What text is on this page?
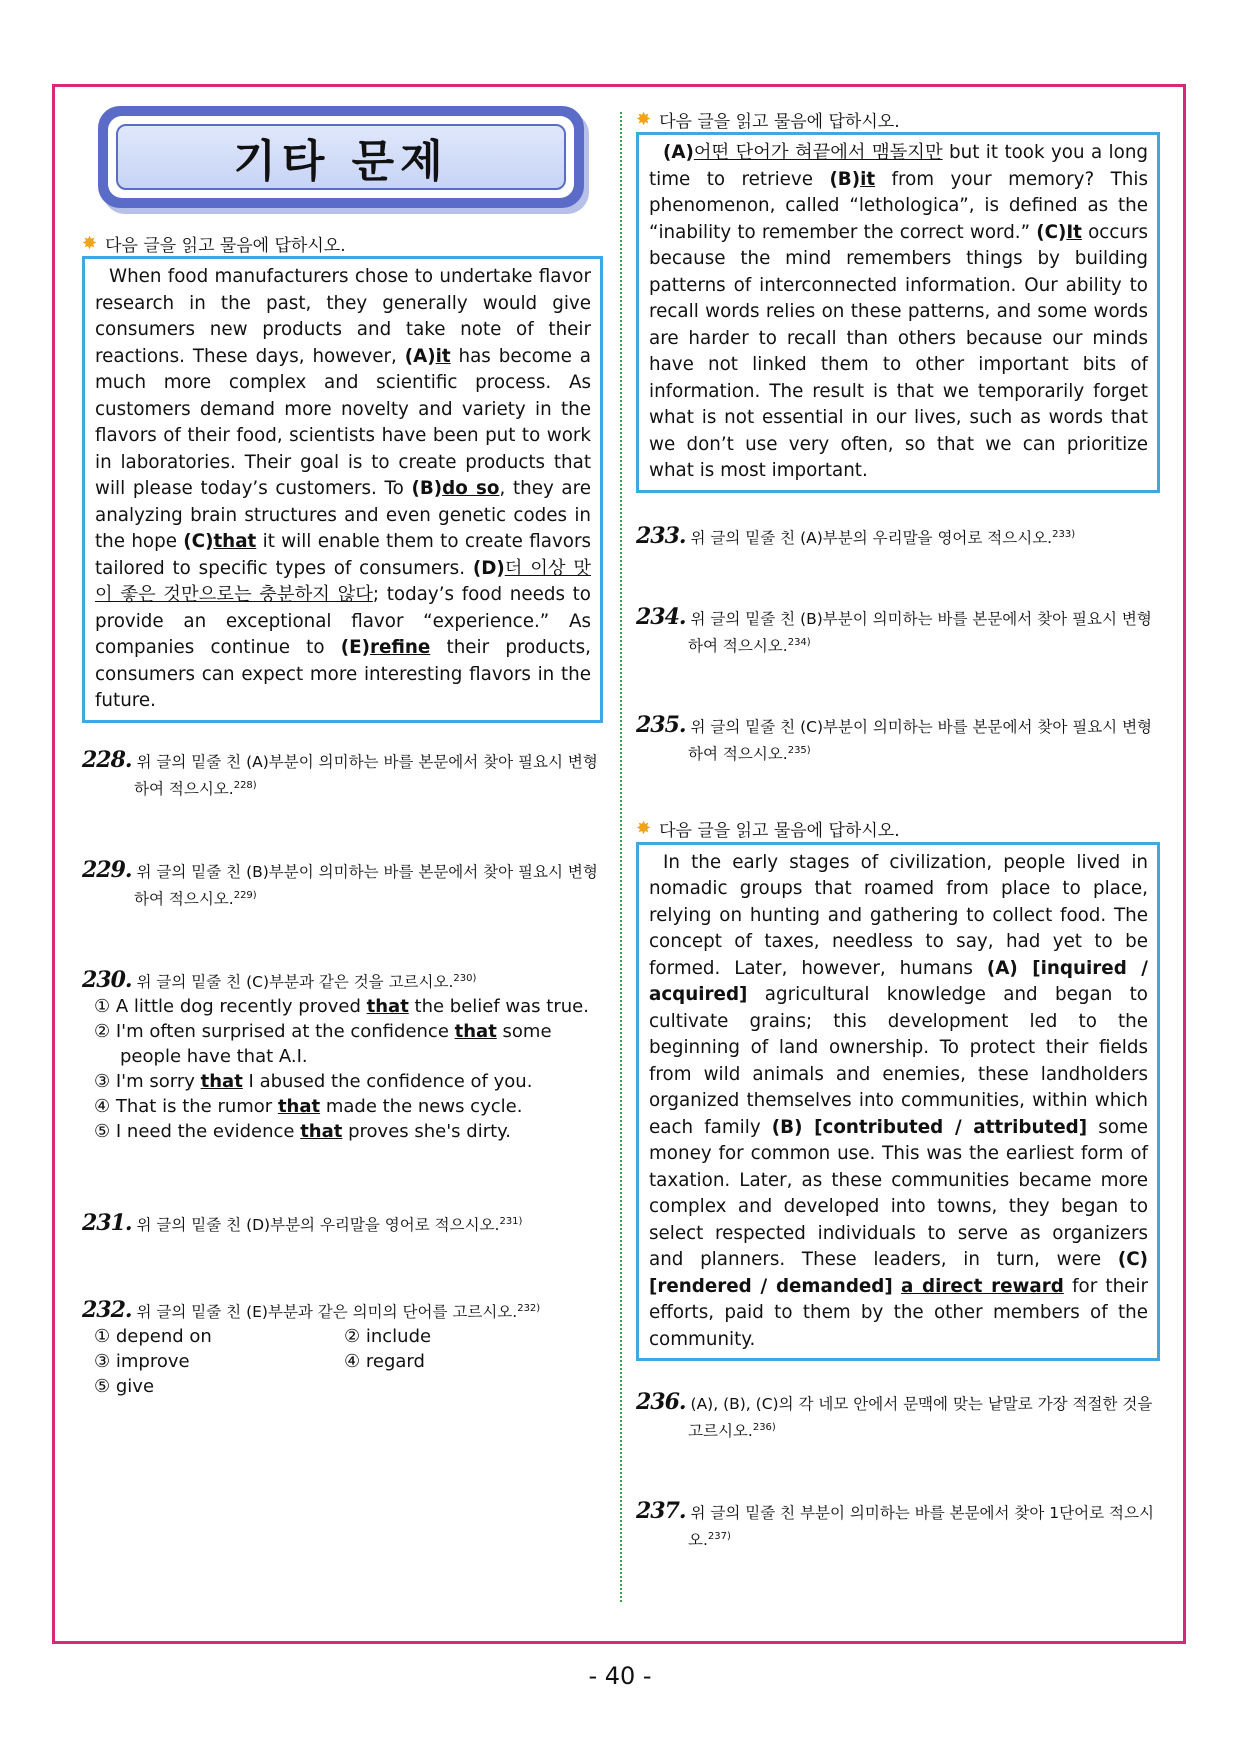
기타 문제
✸ 다음 글을 읽고 물음에 답하시오.
When food manufacturers chose to undertake flavor research in the past, they generally would give consumers new products and take note of their reactions. These days, however, (A)it has become a much more complex and scientific process. As customers demand more novelty and variety in the flavors of their food, scientists have been put to work in laboratories. Their goal is to create products that will please today’s customers. To (B)do so, they are analyzing brain structures and even genetic codes in the hope (C)that it will enable them to create flavors tailored to specific types of consumers. (D)더 이상 맛이 좋은 것만으로는 충분하지 않다; today’s food needs to provide an exceptional flavor “experience.” As companies continue to (E)refine their products, consumers can expect more interesting flavors in the future.

228. 위 글의 밑줄 친 (A)부분이 의미하는 바를 본문에서 찾아 필요시 변형하여 적으시오.$^{228)}$

229. 위 글의 밑줄 친 (B)부분이 의미하는 바를 본문에서 찾아 필요시 변형하여 적으시오.$^{229)}$

230. 위 글의 밑줄 친 (C)부분과 같은 것을 고르시오.$^{230)}$

① A little dog recently proved that the belief was true.

② I'm often surprised at the confidence that some people have that A.I.

③ I'm sorry that I abused the confidence of you.

④ That is the rumor that made the news cycle.

⑤ I need the evidence that proves she's dirty.

231. 위 글의 밑줄 친 (D)부분의 우리말을 영어로 적으시오.$^{231)}$

232. 위 글의 밑줄 친 (E)부분과 같은 의미의 단어를 고르시오.$^{232)}$

① depend on	② include
③ improve	④ regard
⑤ give
✸ 다음 글을 읽고 물음에 답하시오.
(A)어떤 단어가 혀끝에서 맴돌지만 but it took you a long time to retrieve (B)it from your memory? This phenomenon, called “lethologica”, is defined as the “inability to remember the correct word.” (C)It occurs because the mind remembers things by building patterns of interconnected information. Our ability to recall words relies on these patterns, and some words are harder to recall than others because our minds have not linked them to other important bits of information. The result is that we temporarily forget what is not essential in our lives, such as words that we don’t use very often, so that we can prioritize what is most important.

233. 위 글의 밑줄 친 (A)부분의 우리말을 영어로 적으시오.$^{233)}$

234. 위 글의 밑줄 친 (B)부분이 의미하는 바를 본문에서 찾아 필요시 변형하여 적으시오.$^{234)}$

235. 위 글의 밑줄 친 (C)부분이 의미하는 바를 본문에서 찾아 필요시 변형하여 적으시오.$^{235)}$

✸ 다음 글을 읽고 물음에 답하시오.
In the early stages of civilization, people lived in nomadic groups that roamed from place to place, relying on hunting and gathering to collect food. The concept of taxes, needless to say, had yet to be formed. Later, however, humans (A) [inquired / acquired] agricultural knowledge and began to cultivate grains; this development led to the beginning of land ownership. To protect their fields from wild animals and enemies, these landholders organized themselves into communities, within which each family (B) [contributed / attributed] some money for common use. This was the earliest form of taxation. Later, as these communities became more complex and developed into towns, they began to select respected individuals to serve as organizers and planners. These leaders, in turn, were (C) [rendered / demanded] a direct reward for their efforts, paid to them by the other members of the community.

236. (A), (B), (C)의 각 네모 안에서 문맥에 맞는 낱말로 가장 적절한 것을 고르시오.$^{236)}$

237. 위 글의 밑줄 친 부분이 의미하는 바를 본문에서 찾아 1단어로 적으시오.$^{237)}$

- 40 -
